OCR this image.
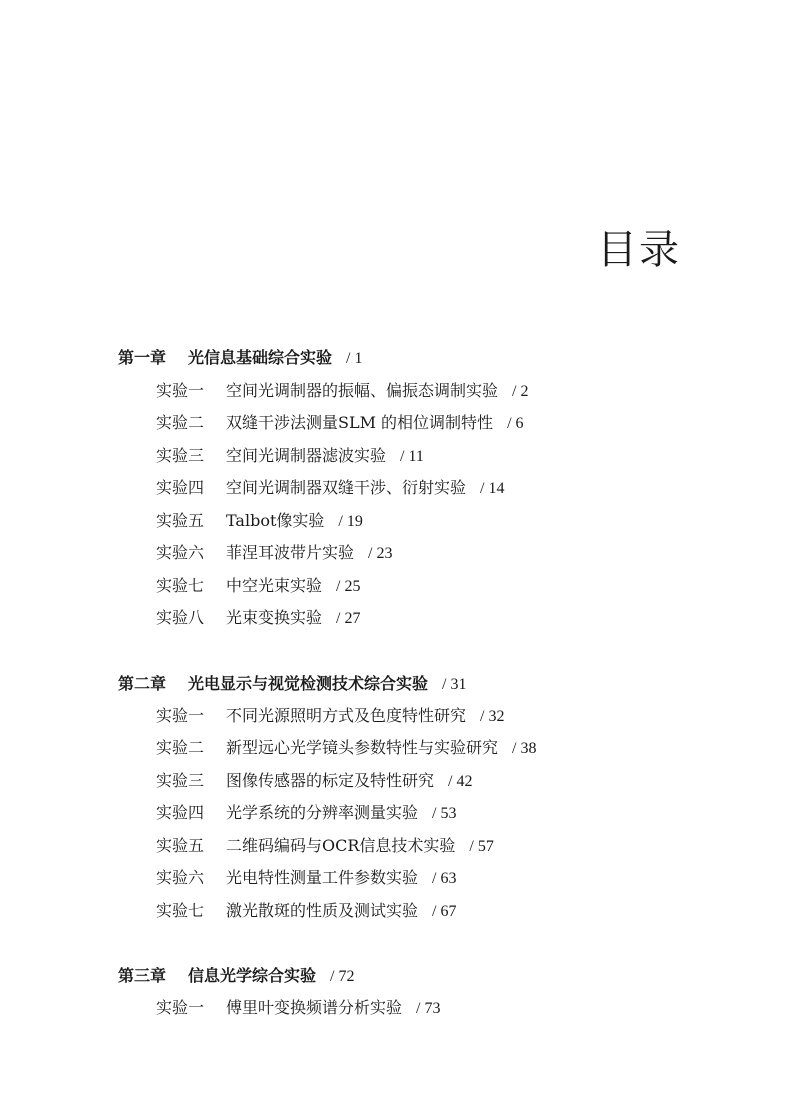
目录
第一章 光信息基础综合实验 / 1
实验一 空间光调制器的振幅、偏振态调制实验 / 2
实验二 双缝干涉法测量SLM 的相位调制特性 / 6
实验三 空间光调制器滤波实验 / 11
实验四 空间光调制器双缝干涉、衍射实验 / 14
实验五 Talbot像实验 / 19
实验六 菲涅耳波带片实验 / 23
实验七 中空光束实验 / 25
实验八 光束变换实验 / 27
第二章 光电显示与视觉检测技术综合实验 / 31
实验一 不同光源照明方式及色度特性研究 / 32
实验二 新型远心光学镜头参数特性与实验研究 / 38
实验三 图像传感器的标定及特性研究 / 42
实验四 光学系统的分辨率测量实验 / 53
实验五 二维码编码与OCR信息技术实验 / 57
实验六 光电特性测量工件参数实验 / 63
实验七 激光散斑的性质及测试实验 / 67
第三章 信息光学综合实验 / 72
实验一 傅里叶变换频谱分析实验 / 73
